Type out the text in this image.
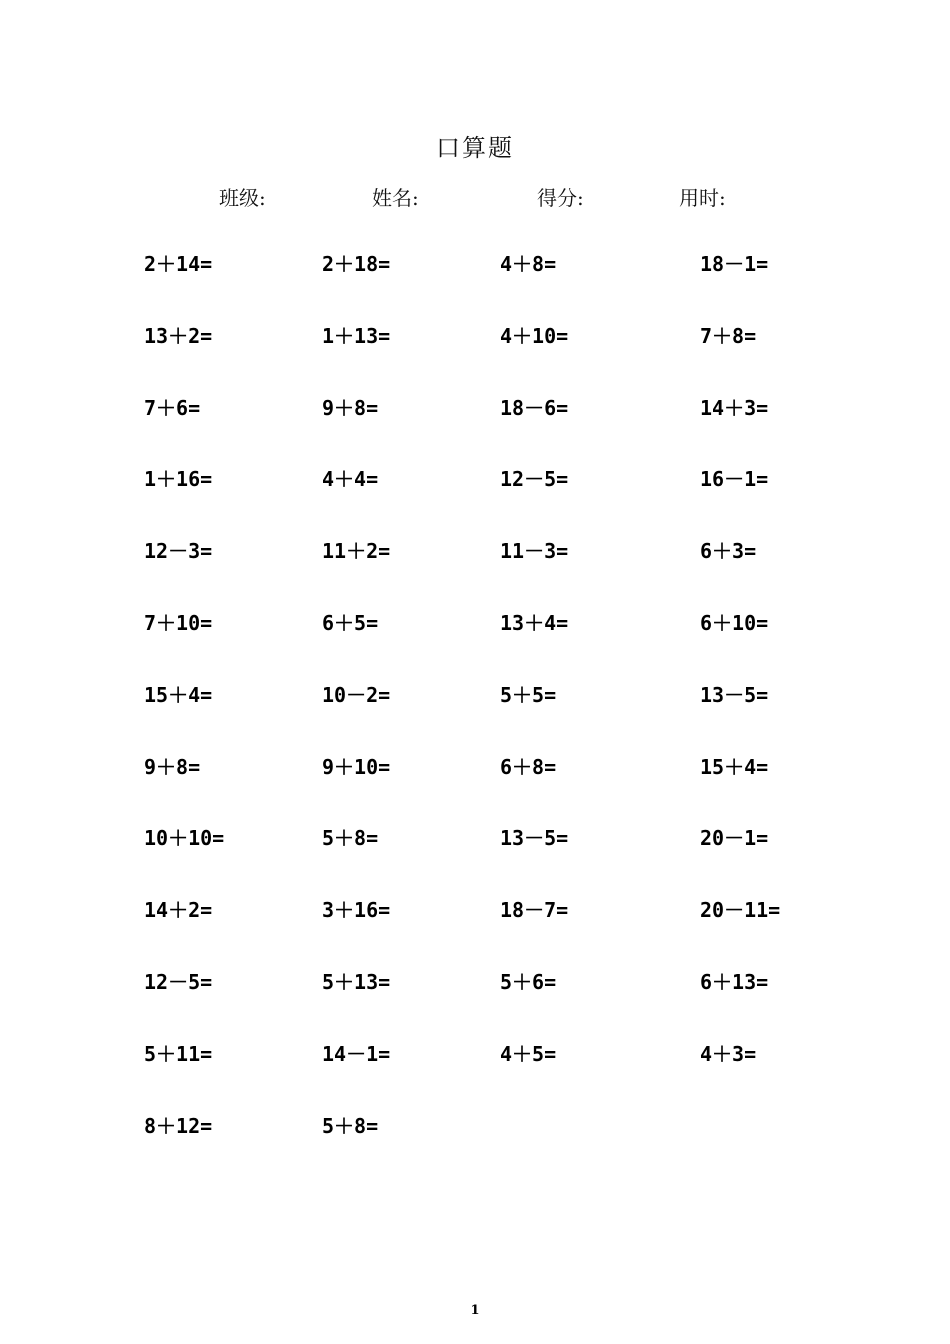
口算题
班级:	姓名:	得分:	用时:
2＋14=	2＋18=	4＋8=	18－1=
13＋2=	1＋13=	4＋10=	7＋8=
7＋6=	9＋8=	18－6=	14＋3=
1＋16=	4＋4=	12－5=	16－1=
12－3=	11＋2=	11－3=	6＋3=
7＋10=	6＋5=	13＋4=	6＋10=
15＋4=	10－2=	5＋5=	13－5=
9＋8=	9＋10=	6＋8=	15＋4=
10＋10=	5＋8=	13－5=	20－1=
14＋2=	3＋16=	18－7=	20－11=
12－5=	5＋13=	5＋6=	6＋13=
5＋11=	14－1=	4＋5=	4＋3=
8＋12=	5＋8=
1
